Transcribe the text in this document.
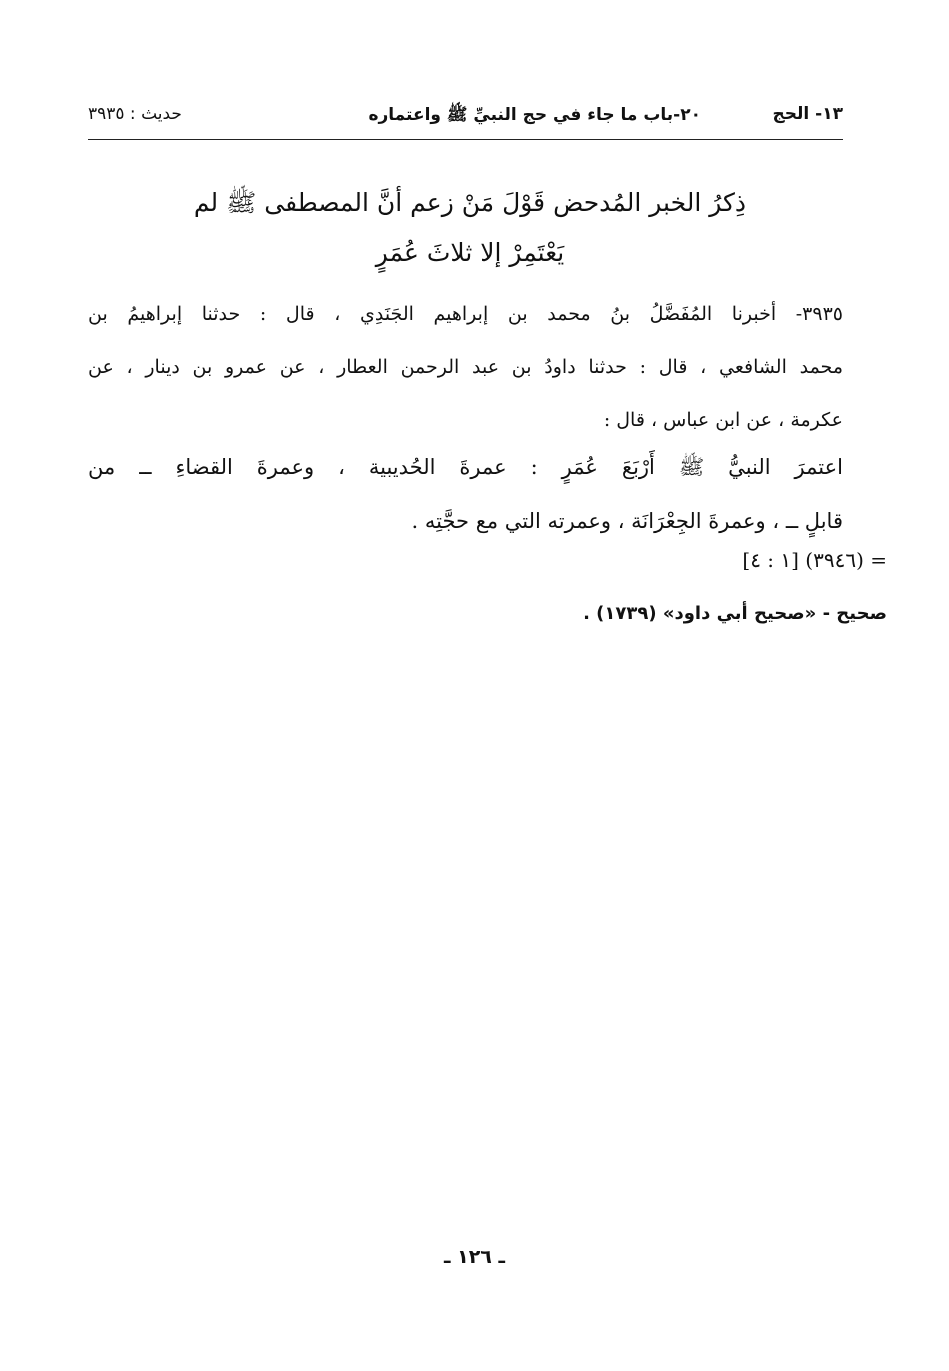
١٣- الحج
٢٠-باب ما جاء في حج النبيِّ ﷺ واعتماره
حديث : ٣٩٣٥
ذِكرُ الخبر المُدحض قَوْلَ مَنْ زعم أنَّ المصطفى ﷺ لم
يَعْتَمِرْ إلا ثلاثَ عُمَرٍ
٣٩٣٥- أخبرنا المُفَضَّلُ بنُ محمد بن إبراهيم الجَنَدِي ، قال : حدثنا إبراهيمُ بن
محمد الشافعي ، قال : حدثنا داودُ بن عبد الرحمن العطار ، عن عمرو بن دينار ، عن
عكرمة ، عن ابن عباس ، قال :
اعتمرَ النبيُّ ﷺ أَرْبَعَ عُمَرٍ : عمرةَ الحُديبية ، وعمرةَ القضاءِ ــ من
قابلٍ ــ ، وعمرةَ الجِعْرَانَة ، وعمرته التي مع حجَّتِه .
= (٣٩٤٦) [١ : ٤]
صحيح - «صحيح أبي داود» (١٧٣٩) .
ـ ١٢٦ ـ
